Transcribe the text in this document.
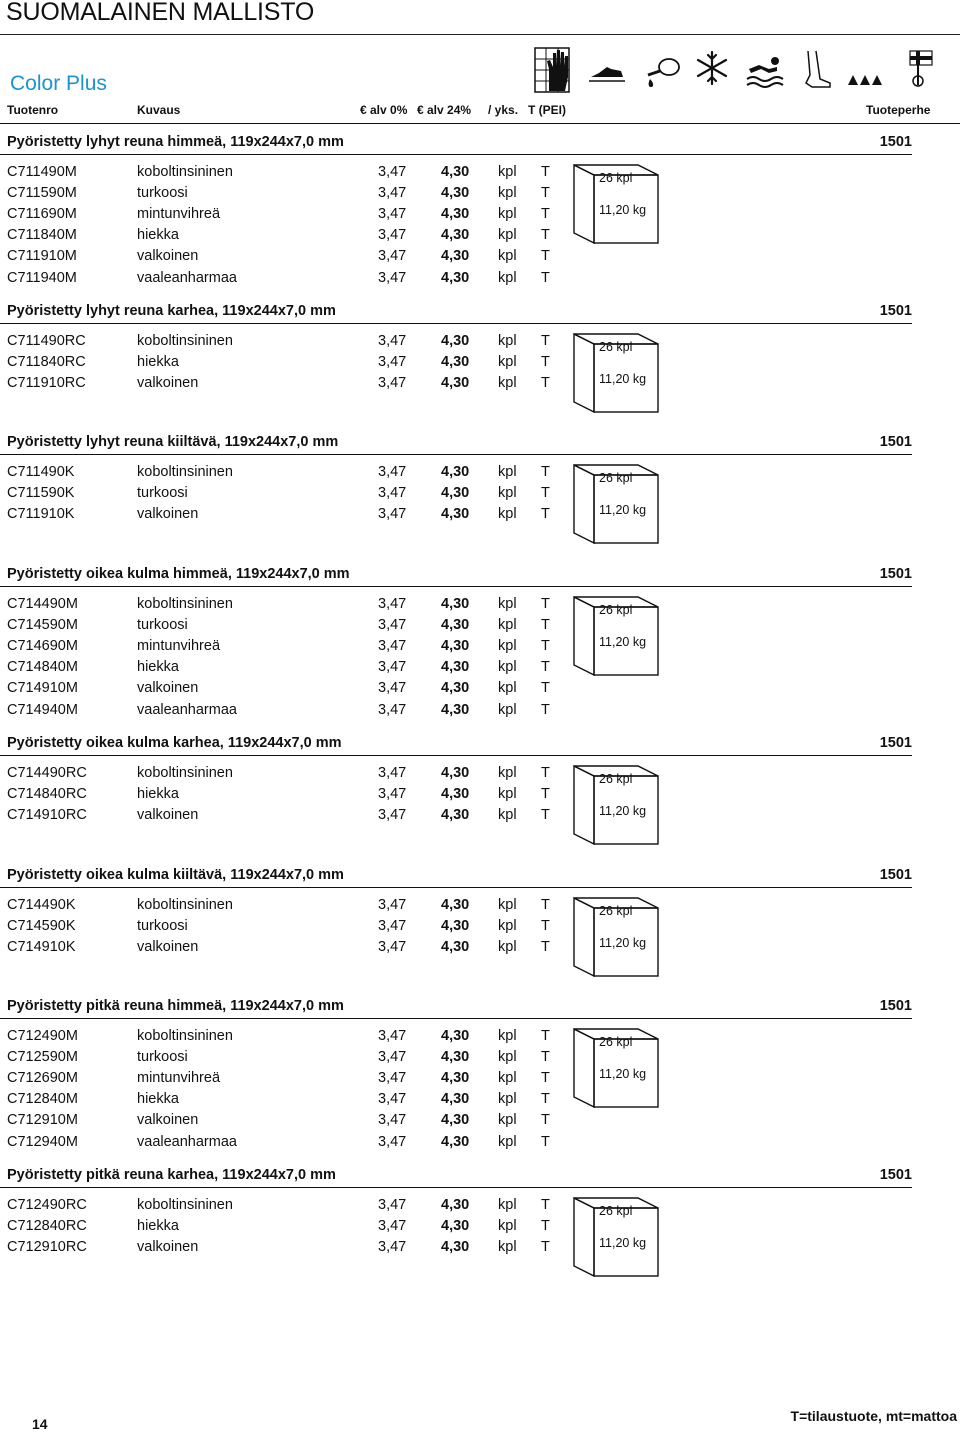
SUOMALAINEN MALLISTO
Color Plus
Tuotenro	Kuvaus	€ alv 0% € alv 24% / yks. T (PEI)	Tuoteperhe
Pyöristetty lyhyt reuna himmeä, 119x244x7,0 mm	1501
C711490M	koboltinsininen	3,47 4,30 kpl T
C711590M	turkoosi	3,47 4,30 kpl T
C711690M	mintunvihreä	3,47 4,30 kpl T
C711840M	hiekka	3,47 4,30 kpl T
C711910M	valkoinen	3,47 4,30 kpl T
C711940M	vaaleanharmaa	3,47 4,30 kpl T
26 kpl
11,20 kg
Pyöristetty lyhyt reuna karhea, 119x244x7,0 mm	1501
C711490RC	koboltinsininen	3,47 4,30 kpl T
C711840RC	hiekka	3,47 4,30 kpl T
C711910RC	valkoinen	3,47 4,30 kpl T
26 kpl
11,20 kg
Pyöristetty lyhyt reuna kiiltävä, 119x244x7,0 mm	1501
C711490K	koboltinsininen	3,47 4,30 kpl T
C711590K	turkoosi	3,47 4,30 kpl T
C711910K	valkoinen	3,47 4,30 kpl T
26 kpl
11,20 kg
Pyöristetty oikea kulma himmeä, 119x244x7,0 mm	1501
C714490M	koboltinsininen	3,47 4,30 kpl T
C714590M	turkoosi	3,47 4,30 kpl T
C714690M	mintunvihreä	3,47 4,30 kpl T
C714840M	hiekka	3,47 4,30 kpl T
C714910M	valkoinen	3,47 4,30 kpl T
C714940M	vaaleanharmaa	3,47 4,30 kpl T
26 kpl
11,20 kg
Pyöristetty oikea kulma karhea, 119x244x7,0 mm	1501
C714490RC	koboltinsininen	3,47 4,30 kpl T
C714840RC	hiekka	3,47 4,30 kpl T
C714910RC	valkoinen	3,47 4,30 kpl T
26 kpl
11,20 kg
Pyöristetty oikea kulma kiiltävä, 119x244x7,0 mm	1501
C714490K	koboltinsininen	3,47 4,30 kpl T
C714590K	turkoosi	3,47 4,30 kpl T
C714910K	valkoinen	3,47 4,30 kpl T
26 kpl
11,20 kg
Pyöristetty pitkä reuna himmeä, 119x244x7,0 mm	1501
C712490M	koboltinsininen	3,47 4,30 kpl T
C712590M	turkoosi	3,47 4,30 kpl T
C712690M	mintunvihreä	3,47 4,30 kpl T
C712840M	hiekka	3,47 4,30 kpl T
C712910M	valkoinen	3,47 4,30 kpl T
C712940M	vaaleanharmaa	3,47 4,30 kpl T
26 kpl
11,20 kg
Pyöristetty pitkä reuna karhea, 119x244x7,0 mm	1501
C712490RC	koboltinsininen	3,47 4,30 kpl T
C712840RC	hiekka	3,47 4,30 kpl T
C712910RC	valkoinen	3,47 4,30 kpl T
26 kpl
11,20 kg
14	T=tilaustuote, mt=mattoa
